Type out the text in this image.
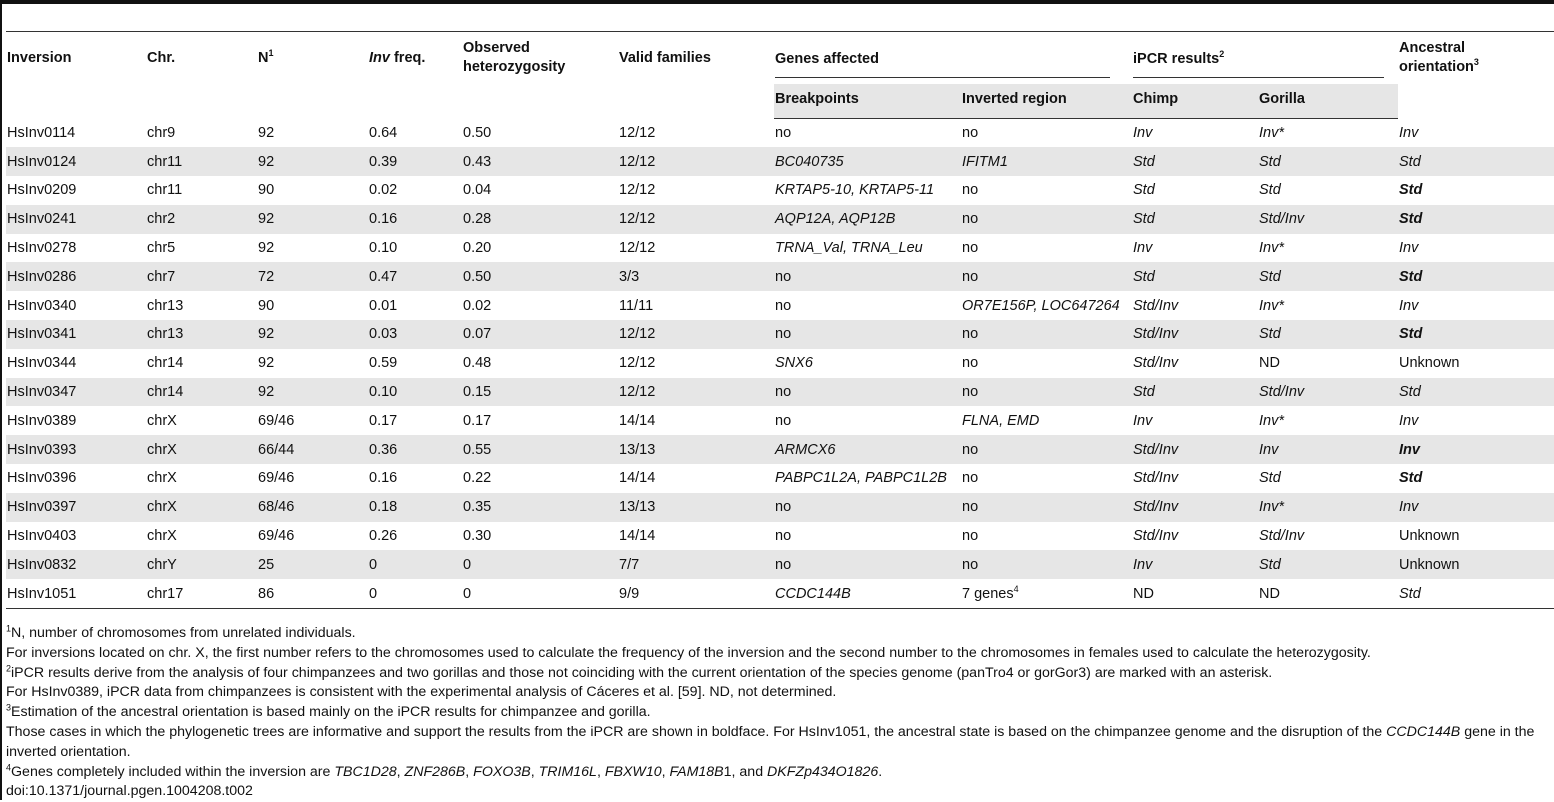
Inversion	Chr.	$N^1$	Inv freq.	Observed
heterozygosity	Valid families	Genes affected		iPCR results$^2$		Ancestral
orientation$^3$
						Breakpoints	Inverted region	Chimp	Gorilla	
HsInv0114	chr9	92	0.64	0.50	12/12	no	no	Inv	Inv*	Inv
HsInv0124	chr11	92	0.39	0.43	12/12	BC040735	IFITM1	Std	Std	Std
HsInv0209	chr11	90	0.02	0.04	12/12	KRTAP5-10, KRTAP5-11	no	Std	Std	Std
HsInv0241	chr2	92	0.16	0.28	12/12	AQP12A, AQP12B	no	Std	Std/Inv	Std
HsInv0278	chr5	92	0.10	0.20	12/12	TRNA_Val, TRNA_Leu	no	Inv	Inv*	Inv
HsInv0286	chr7	72	0.47	0.50	3/3	no	no	Std	Std	Std
HsInv0340	chr13	90	0.01	0.02	11/11	no	OR7E156P, LOC647264	Std/Inv	Inv*	Inv
HsInv0341	chr13	92	0.03	0.07	12/12	no	no	Std/Inv	Std	Std
HsInv0344	chr14	92	0.59	0.48	12/12	SNX6	no	Std/Inv	ND	Unknown
HsInv0347	chr14	92	0.10	0.15	12/12	no	no	Std	Std/Inv	Std
HsInv0389	chrX	69/46	0.17	0.17	14/14	no	FLNA, EMD	Inv	Inv*	Inv
HsInv0393	chrX	66/44	0.36	0.55	13/13	ARMCX6	no	Std/Inv	Inv	Inv
HsInv0396	chrX	69/46	0.16	0.22	14/14	PABPC1L2A, PABPC1L2B	no	Std/Inv	Std	Std
HsInv0397	chrX	68/46	0.18	0.35	13/13	no	no	Std/Inv	Inv*	Inv
HsInv0403	chrX	69/46	0.26	0.30	14/14	no	no	Std/Inv	Std/Inv	Unknown
HsInv0832	chrY	25	0	0	7/7	no	no	Inv	Std	Unknown
HsInv1051	chr17	86	0	0	9/9	CCDC144B	7 genes$^4$	ND	ND	Std

$^1$N, number of chromosomes from unrelated individuals.

For inversions located on chr. X, the first number refers to the chromosomes used to calculate the frequency of the inversion and the second number to the chromosomes in females used to calculate the heterozygosity.

$^2$iPCR results derive from the analysis of four chimpanzees and two gorillas and those not coinciding with the current orientation of the species genome (panTro4 or gorGor3) are marked with an asterisk.

For HsInv0389, iPCR data from chimpanzees is consistent with the experimental analysis of Cáceres et al. [59]. ND, not determined.

$^3$Estimation of the ancestral orientation is based mainly on the iPCR results for chimpanzee and gorilla.

Those cases in which the phylogenetic trees are informative and support the results from the iPCR are shown in boldface. For HsInv1051, the ancestral state is based on the chimpanzee genome and the disruption of the CCDC144B gene in the inverted orientation.

$^4$Genes completely included within the inversion are TBC1D28, ZNF286B, FOXO3B, TRIM16L, FBXW10, FAM18B1, and DKFZp434O1826.

doi:10.1371/journal.pgen.1004208.t002
